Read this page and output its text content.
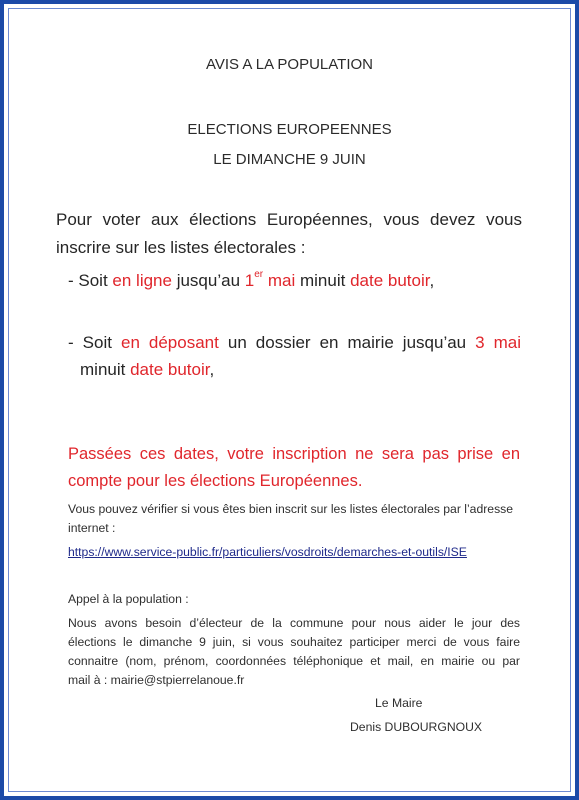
AVIS A LA POPULATION
ELECTIONS EUROPEENNES
LE DIMANCHE 9 JUIN
Pour voter aux élections Européennes, vous devez vous
inscrire sur les listes électorales :
- Soit en ligne jusqu’au 1er mai minuit date butoir,
- Soit en déposant un dossier en mairie jusqu’au 3 mai
minuit date butoir,
Passées ces dates, votre inscription ne sera pas prise en
compte pour les élections Européennes.
Vous pouvez vérifier si vous êtes bien inscrit sur les listes électorales par l’adresse
internet :
https://www.service-public.fr/particuliers/vosdroits/demarches-et-outils/ISE
Appel à la population :
Nous avons besoin d’électeur de la commune pour nous aider le jour des
élections le dimanche 9 juin, si vous souhaitez participer merci de vous faire
connaitre (nom, prénom, coordonnées téléphonique et mail, en mairie ou par
mail à : mairie@stpierrelanoue.fr
Le Maire
Denis DUBOURGNOUX
